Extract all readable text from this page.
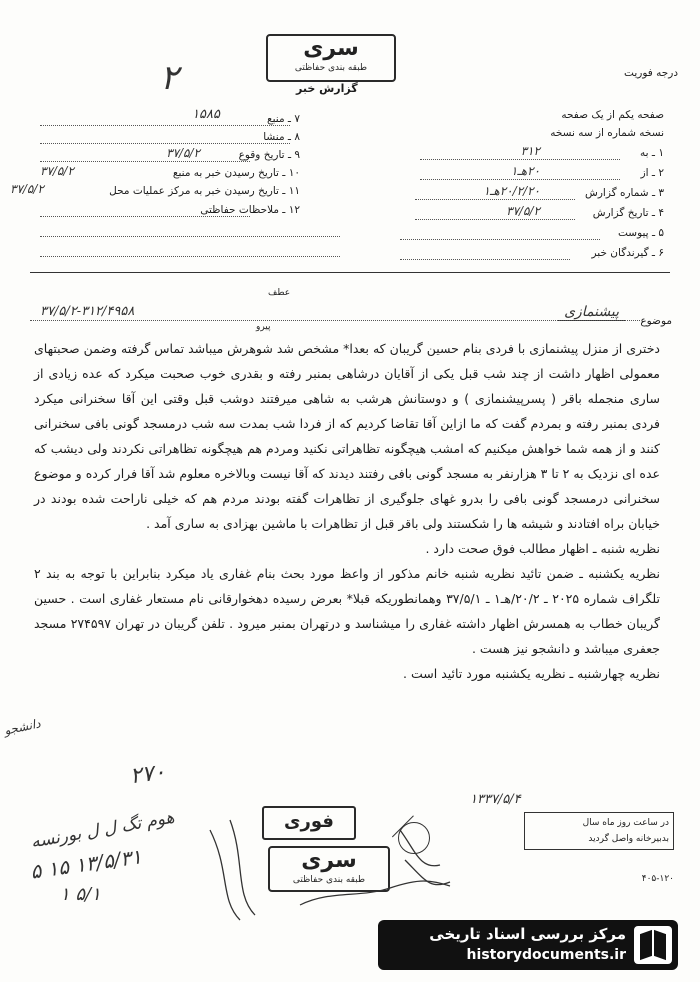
درجه فوریت
سری
طبقه بندی حفاظتی
گزارش خبر
۲
صفحه یکم از یک صفحه
نسخه شماره از سه نسخه
۱ ـ به
۳۱۲
۲ ـ از
۲۰هـ۱
۳ ـ شماره گزارش
۲۰/۲/۲۰هـ۱
۴ ـ تاریخ گزارش
۳۷/۵/۲
۵ ـ پیوست
۶ ـ گیرندگان خبر
۷ ـ منبع
۱۵۸۵
۸ ـ منشا
۹ ـ تاریخ وقوع
۳۷/۵/۲
۱۰ ـ تاریخ رسیدن خبر به منبع
۳۷/۵/۲
۱۱ ـ تاریخ رسیدن خبر به مرکز عملیات محل
۳۷/۵/۲
۱۲ ـ ملاحظات حفاظتی
موضوع
پیشنمازی
عطف
پیرو
۳۷/۵/۲-۳۱۲/۴۹۵۸

دختری از منزل پیشنمازی با فردی بنام حسین گریبان که بعدا* مشخص شد شوهرش میباشد تماس گرفته وضمن صحبتهای معمولی اظهار داشت از چند شب قبل یکی از آقایان درشاهی بمنبر رفته و بقدری خوب صحبت میکرد که عده زیادی از ساری منجمله باقر ( پسرپیشنمازی ) و دوستانش هرشب به شاهی میرفتند دوشب قبل وقتی این آقا سخنرانی میکرد فردی بمنبر رفته و بمردم گفت که ما ازاین آقا تقاضا کردیم که از فردا شب بمدت سه شب درمسجد گونی بافی سخنرانی کنند و از همه شما خواهش میکنیم که امشب هیچگونه تظاهراتی نکنید ومردم هم هیچگونه تظاهراتی نکردند ولی دیشب که عده ای نزدیک به ۲ تا ۳ هزارنفر به مسجد گونی بافی رفتند دیدند که آقا نیست وبالاخره معلوم شد آقا فرار کرده و موضوع سخنرانی درمسجد گونی بافی را بدرو غهای جلوگیری از تظاهرات گفته بودند مردم هم که خیلی ناراحت شده بودند در خیابان براه افتادند و شیشه ها را شکستند ولی باقر قبل از تظاهرات با ماشین بهزادی به ساری آمد .

نظریه شنبه ـ اظهار مطالب فوق صحت دارد .

نظریه یکشنبه ـ ضمن تائید نظریه شنبه خانم مذکور از واعظ مورد بحث بنام غفاری یاد میکرد بنابراین با توجه به بند ۲ تلگراف شماره ۲۰۲۵ ـ ۲۰/۲/هـ۱ ـ ۳۷/۵/۱ وهمانطوریکه قبلا* بعرض رسیده دهخوارقانی نام مستعار غفاری است . حسین گریبان خطاب به همسرش اظهار داشته غفاری را میشناسد و درتهران بمنبر میرود . تلفن گریبان در تهران ۲۷۴۵۹۷ مسجد جعفری میباشد و دانشجو نیز هست .

نظریه چهارشنبه ـ نظریه یکشنبه مورد تائید است .

دانشجو
۲۷۰
۱۳۳۷/۵/۴
در ساعت روز ماه سال
بدبیرخانه واصل گردید
فوری
سری
طبقه بندی حفاظتی
هوم تگ ل ل بورنسه
۵ ۱۵ ۱۳/۵/۳۱
۱ ۵/۱
۴۰۵-۱۲۰
مرکز بررسی اسناد تاریخی
historydocuments.ir
